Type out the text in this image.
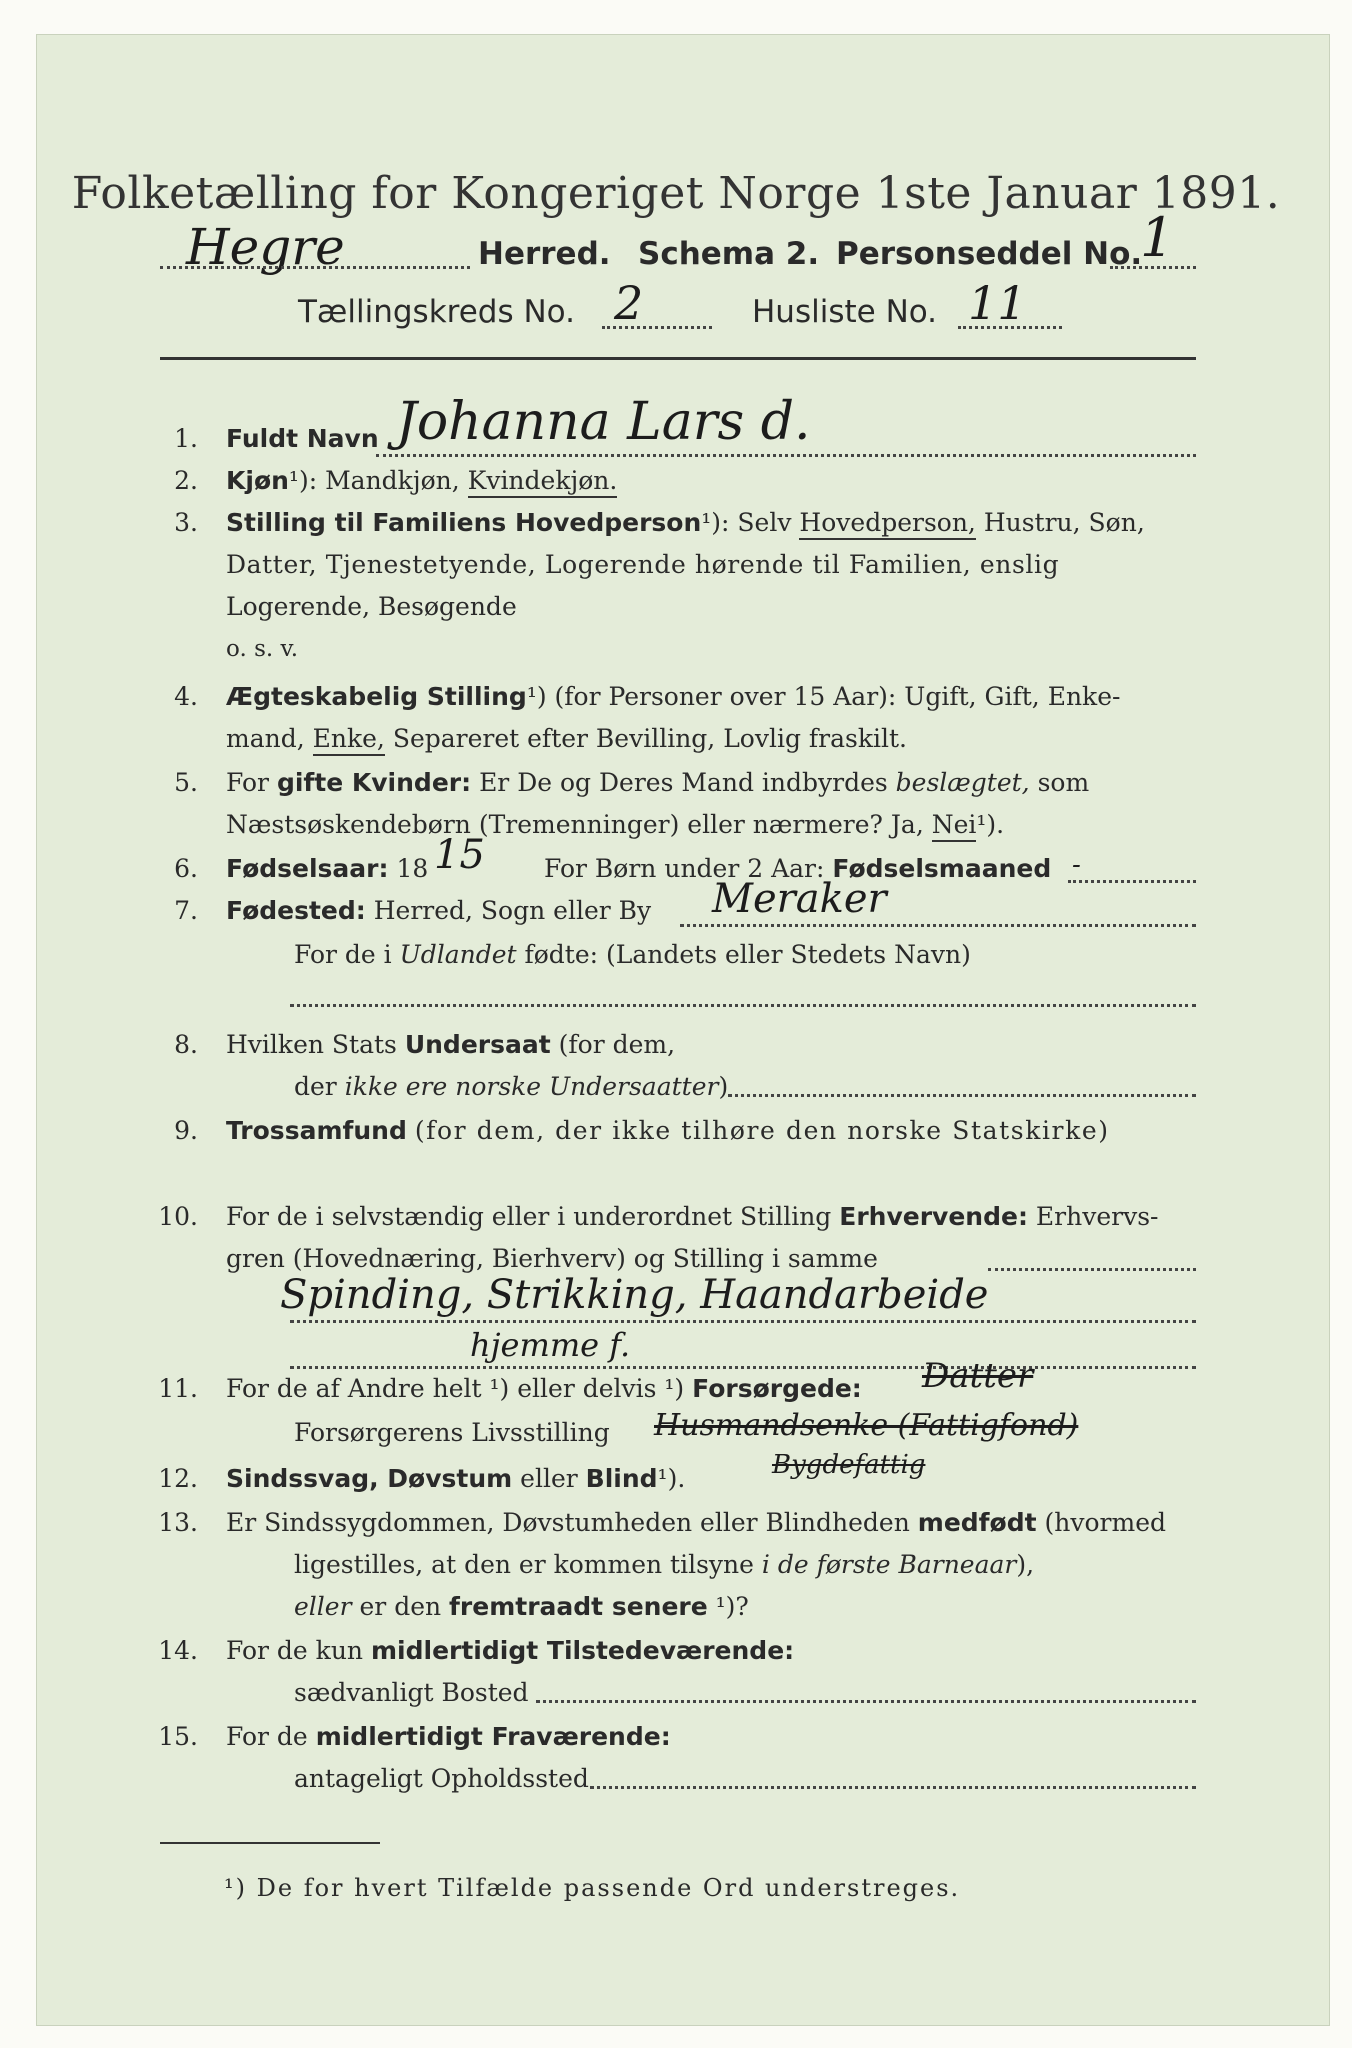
Folketælling for Kongeriget Norge 1ste Januar 1891.
Hegre	Herred. Schema 2. Personseddel No.
1
Tællingskreds No. 2	Husliste No. 11
1. Fuldt Navn Johanna Lars d.
2. Kjøn¹): Mandkjøn, Kvindekjøn.
3. Stilling til Familiens Hovedperson¹): Selv Hovedperson, Hustru, Søn,
Datter, Tjenestetyende, Logerende hørende til Familien, enslig
Logerende, Besøgende
o. s. v.
4. Ægteskabelig Stilling¹) (for Personer over 15 Aar): Ugift, Gift, Enke-
mand, Enke, Separeret efter Bevilling, Lovlig fraskilt.
5. For gifte Kvinder: Er De og Deres Mand indbyrdes beslægtet, som
Næstsøskendebørn (Tremenninger) eller nærmere? Ja, Nei¹).
6. Fødselsaar: 18 15 For Børn under 2 Aar: Fødselsmaaned -
7. Fødested: Herred, Sogn eller By Meraker
For de i Udlandet fødte: (Landets eller Stedets Navn)
8. Hvilken Stats Undersaat (for dem,
der ikke ere norske Undersaatter)
9. Trossamfund (for dem, der ikke tilhøre den norske Statskirke)
10. For de i selvstændig eller i underordnet Stilling Erhvervende: Erhvervs-
gren (Hovednæring, Bierhverv) og Stilling i samme
Spinding, Strikking, Haandarbeide
hjemme f.
11. For de af Andre helt ¹) eller delvis ¹) Forsørgede: Datter
Forsørgerens Livsstilling Husmandsenke (Fattigfond)
Bygdefattig
12. Sindssvag, Døvstum eller Blind¹).
13. Er Sindssygdommen, Døvstumheden eller Blindheden medfødt (hvormed
ligestilles, at den er kommen tilsyne i de første Barneaar),
eller er den fremtraadt senere ¹)?
14. For de kun midlertidigt Tilstedeværende:
sædvanligt Bosted
15. For de midlertidigt Fraværende:
antageligt Opholdssted
¹) De for hvert Tilfælde passende Ord understreges.
